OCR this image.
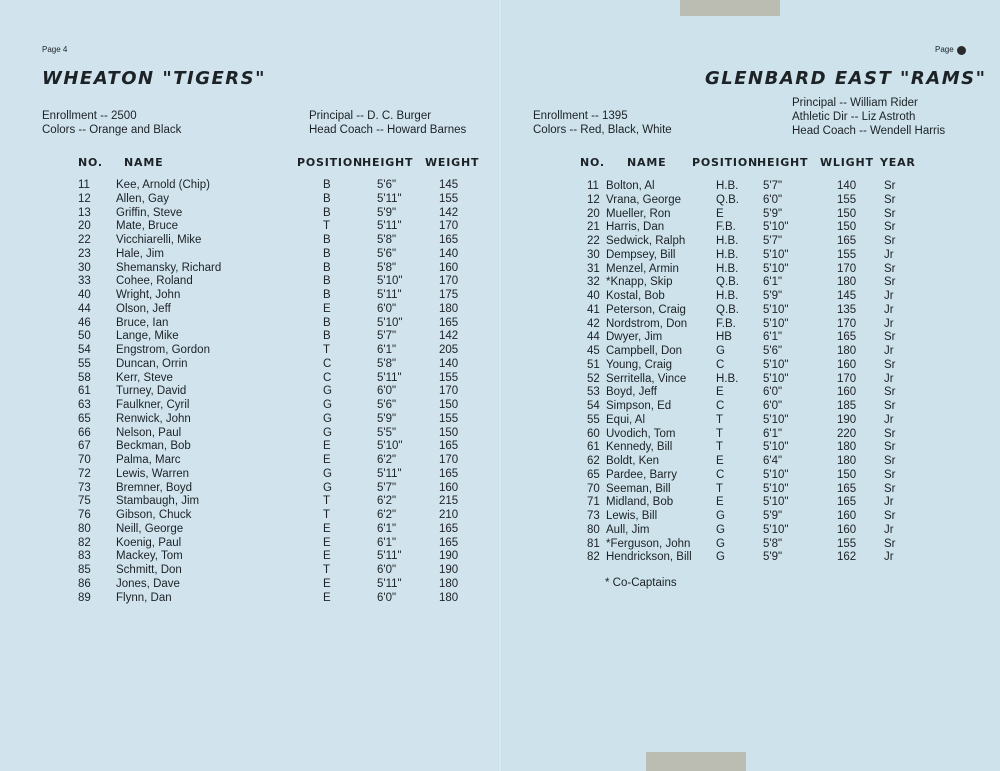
Page 4
WHEATON "TIGERS"
Enrollment -- 2500
Colors -- Orange and Black
Principal -- D. C. Burger
Head Coach -- Howard Barnes
NO. NAME	POSITION HEIGHT WEIGHT
11 Kee, Arnold (Chip)	B	5'6"	145
12 Allen, Gay	B	5'11"	155
13 Griffin, Steve	B	5'9"	142
20 Mate, Bruce	T	5'11"	170
22 Vicchiarelli, Mike	B	5'8"	165
23 Hale, Jim	B	5'6"	140
30 Shemansky, Richard	B	5'8"	160
33 Cohee, Roland	B	5'10"	170
40 Wright, John	B	5'11"	175
44 Olson, Jeff	E	6'0"	180
46 Bruce, Ian	B	5'10"	165
50 Lange, Mike	B	5'7"	142
54 Engstrom, Gordon	T	6'1"	205
55 Duncan, Orrin	C	5'8"	140
58 Kerr, Steve	C	5'11"	155
61 Turney, David	G	6'0"	170
63 Faulkner, Cyril	G	5'6"	150
65 Renwick, John	G	5'9"	155
66 Nelson, Paul	G	5'5"	150
67 Beckman, Bob	E	5'10"	165
70 Palma, Marc	E	6'2"	170
72 Lewis, Warren	G	5'11"	165
73 Bremner, Boyd	G	5'7"	160
75 Stambaugh, Jim	T	6'2"	215
76 Gibson, Chuck	T	6'2"	210
80 Neill, George	E	6'1"	165
82 Koenig, Paul	E	6'1"	165
83 Mackey, Tom	E	5'11"	190
85 Schmitt, Don	T	6'0"	190
86 Jones, Dave	E	5'11"	180
89 Flynn, Dan	E	6'0"	180
Page
GLENBARD EAST "RAMS"
Principal -- William Rider
Athletic Dir -- Liz Astroth
Head Coach -- Wendell Harris
Enrollment -- 1395
Colors -- Red, Black, White
NO. NAME POSITION HEIGHT WLIGHT YEAR
11 Bolton, Al	H.B. 5'7"	140 Sr
12 Vrana, George	Q.B. 6'0"	155 Sr
20 Mueller, Ron	E	5'9"	150 Sr
21 Harris, Dan	F.B. 5'10"	150 Sr
22 Sedwick, Ralph	H.B. 5'7"	165 Sr
30 Dempsey, Bill	H.B. 5'10"	155 Jr
31 Menzel, Armin	H.B. 5'10"	170 Sr
32 *Knapp, Skip	Q.B. 6'1"	180 Sr
40 Kostal, Bob	H.B. 5'9"	145 Jr
41 Peterson, Craig	Q.B. 5'10"	135 Jr
42 Nordstrom, Don	F.B. 5'10"	170 Jr
44 Dwyer, Jim	HB	6'1"	165 Sr
45 Campbell, Don	G	5'6"	180 Jr
51 Young, Craig	C	5'10"	160 Sr
52 Serritella, Vince	H.B. 5'10"	170 Jr
53 Boyd, Jeff	E	6'0"	160 Sr
54 Simpson, Ed	C	6'0"	185 Sr
55 Equi, Al	T	5'10"	190 Jr
60 Uvodich, Tom	T	6'1"	220 Sr
61 Kennedy, Bill	T	5'10"	180 Sr
62 Boldt, Ken	E	6'4"	180 Sr
65 Pardee, Barry	C	5'10"	150 Sr
70 Seeman, Bill	T	5'10"	165 Sr
71 Midland, Bob	E	5'10"	165 Jr
73 Lewis, Bill	G	5'9"	160 Sr
80 Aull, Jim	G	5'10"	160 Jr
81 *Ferguson, John G	5'8"	155 Sr
82 Hendrickson, Bill G	5'9"	162 Jr
* Co-Captains
